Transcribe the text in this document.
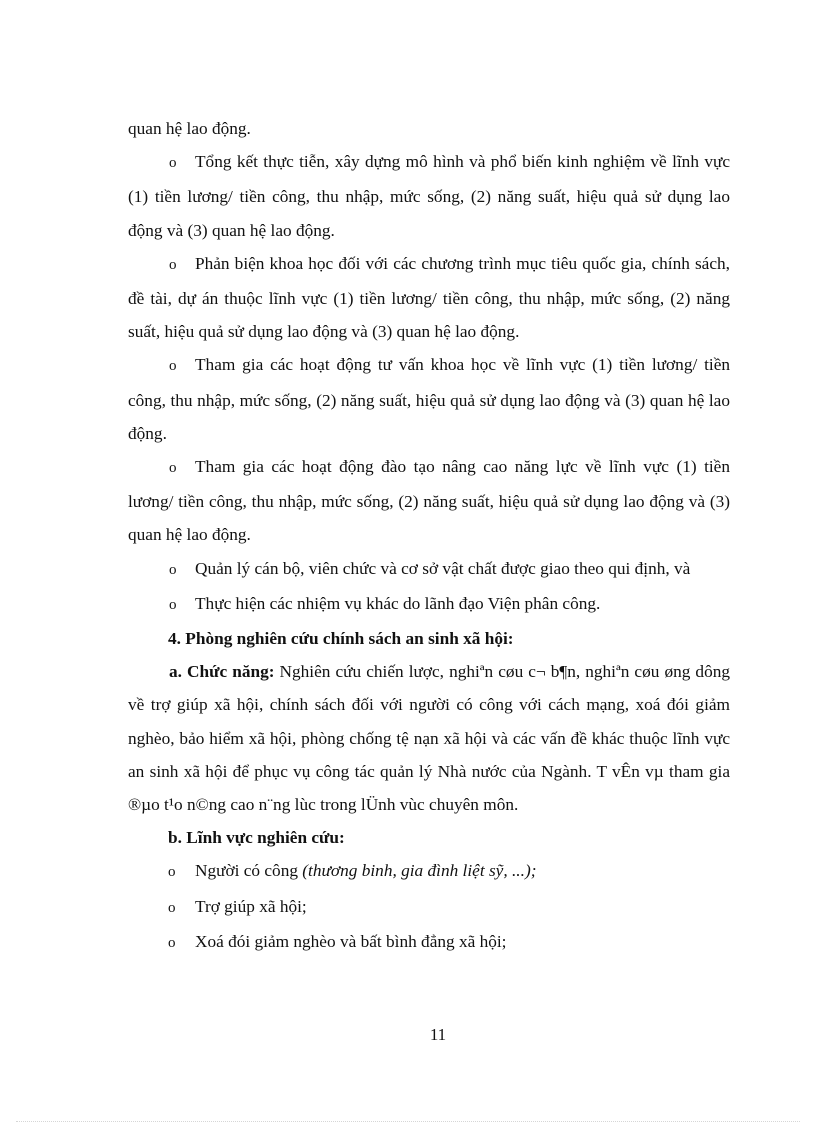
quan hệ lao động.

o Tổng kết thực tiễn, xây dựng mô hình và phổ biến kinh nghiệm về lĩnh vực (1) tiền lương/ tiền công, thu nhập, mức sống, (2) năng suất, hiệu quả sử dụng lao động và (3) quan hệ lao động.

o Phản biện khoa học đối với các chương trình mục tiêu quốc gia, chính sách, đề tài, dự án thuộc lĩnh vực (1) tiền lương/ tiền công, thu nhập, mức sống, (2) năng suất, hiệu quả sử dụng lao động và (3) quan hệ lao động.

o Tham gia các hoạt động tư vấn khoa học về lĩnh vực (1) tiền lương/ tiền công, thu nhập, mức sống, (2) năng suất, hiệu quả sử dụng lao động và (3) quan hệ lao động.

o Tham gia các hoạt động đào tạo nâng cao năng lực về lĩnh vực (1) tiền lương/ tiền công, thu nhập, mức sống, (2) năng suất, hiệu quả sử dụng lao động và (3) quan hệ lao động.

o Quản lý cán bộ, viên chức và cơ sở vật chất được giao theo qui định, và

o Thực hiện các nhiệm vụ khác do lãnh đạo Viện phân công.

4. Phòng nghiên cứu chính sách an sinh xã hội:

a. Chức năng: Nghiên cứu chiến lược, nghiªn cøu c¬ b¶n, nghiªn cøu øng dông về trợ giúp xã hội, chính sách đối với người có công với cách mạng, xoá đói giảm nghèo, bảo hiểm xã hội, phòng chống tệ nạn xã hội và các vấn đề khác thuộc lĩnh vực an sinh xã hội để phục vụ công tác quản lý Nhà nước của Ngành. T vÊn vµ tham gia ®µo t¹o n©ng cao n¨ng lùc trong lÜnh vùc chuyên môn.

b. Lĩnh vực nghiên cứu:

o Người có công (thương binh, gia đình liệt sỹ, ...);

o Trợ giúp xã hội;

o Xoá đói giảm nghèo và bất bình đẳng xã hội;

11
